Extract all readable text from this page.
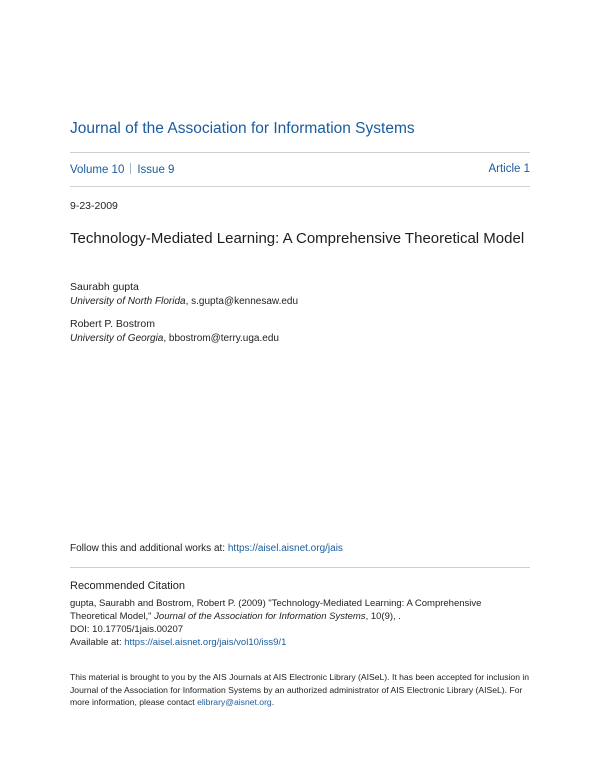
Journal of the Association for Information Systems
Volume 10 Issue 9	Article 1
9-23-2009
Technology-Mediated Learning: A Comprehensive Theoretical Model
Saurabh gupta
University of North Florida, s.gupta@kennesaw.edu
Robert P. Bostrom
University of Georgia, bbostrom@terry.uga.edu
Follow this and additional works at: https://aisel.aisnet.org/jais
Recommended Citation
gupta, Saurabh and Bostrom, Robert P. (2009) "Technology-Mediated Learning: A Comprehensive
Theoretical Model," Journal of the Association for Information Systems, 10(9), .
DOI: 10.17705/1jais.00207
Available at: https://aisel.aisnet.org/jais/vol10/iss9/1
This material is brought to you by the AIS Journals at AIS Electronic Library (AISeL). It has been accepted for inclusion in Journal of the Association for Information Systems by an authorized administrator of AIS Electronic Library (AISeL). For more information, please contact elibrary@aisnet.org.
